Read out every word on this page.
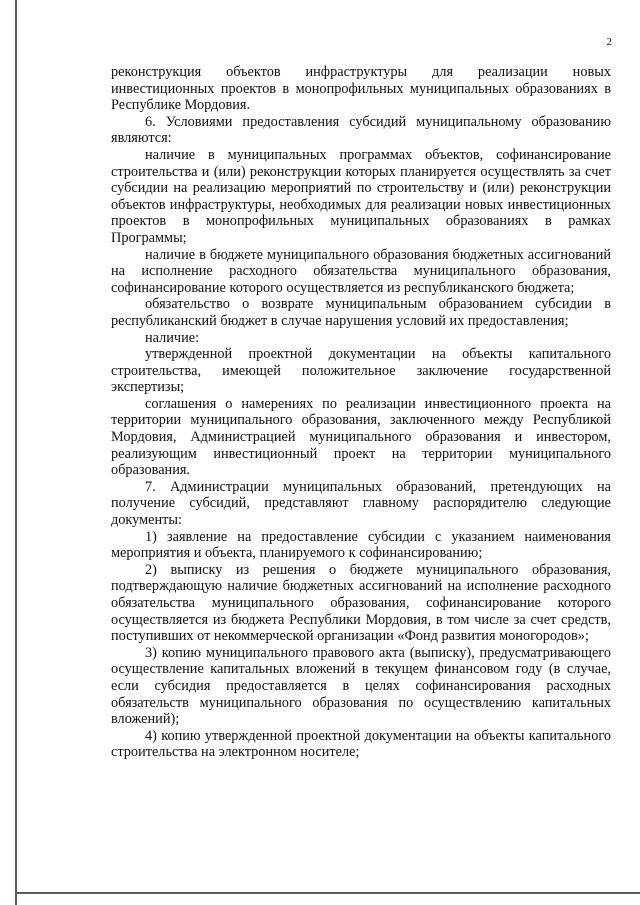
2

реконструкция объектов инфраструктуры для реализации новых инвестиционных проектов в монопрофильных муниципальных образованиях в Республике Мордовия.

6. Условиями предоставления субсидий муниципальному образованию являются:

наличие в муниципальных программах объектов, софинансирование строительства и (или) реконструкции которых планируется осуществлять за счет субсидии на реализацию мероприятий по строительству и (или) реконструкции объектов инфраструктуры, необходимых для реализации новых инвестиционных проектов в монопрофильных муниципальных образованиях в рамках Программы;

наличие в бюджете муниципального образования бюджетных ассигнований на исполнение расходного обязательства муниципального образования, софинансирование которого осуществляется из республиканского бюджета;

обязательство о возврате муниципальным образованием субсидии в республиканский бюджет в случае нарушения условий их предоставления;

наличие:

утвержденной проектной документации на объекты капитального строительства, имеющей положительное заключение государственной экспертизы;

соглашения о намерениях по реализации инвестиционного проекта на территории муниципального образования, заключенного между Республикой Мордовия, Администрацией муниципального образования и инвестором, реализующим инвестиционный проект на территории муниципального образования.

7. Администрации муниципальных образований, претендующих на получение субсидий, представляют главному распорядителю следующие документы:

1) заявление на предоставление субсидии с указанием наименования мероприятия и объекта, планируемого к софинансированию;

2) выписку из решения о бюджете муниципального образования, подтверждающую наличие бюджетных ассигнований на исполнение расходного обязательства муниципального образования, софинансирование которого осуществляется из бюджета Республики Мордовия, в том числе за счет средств, поступивших от некоммерческой организации «Фонд развития моногородов»;

3) копию муниципального правового акта (выписку), предусматривающего осуществление капитальных вложений в текущем финансовом году (в случае, если субсидия предоставляется в целях софинансирования расходных обязательств муниципального образования по осуществлению капитальных вложений);

4) копию утвержденной проектной документации на объекты капитального строительства на электронном носителе;
